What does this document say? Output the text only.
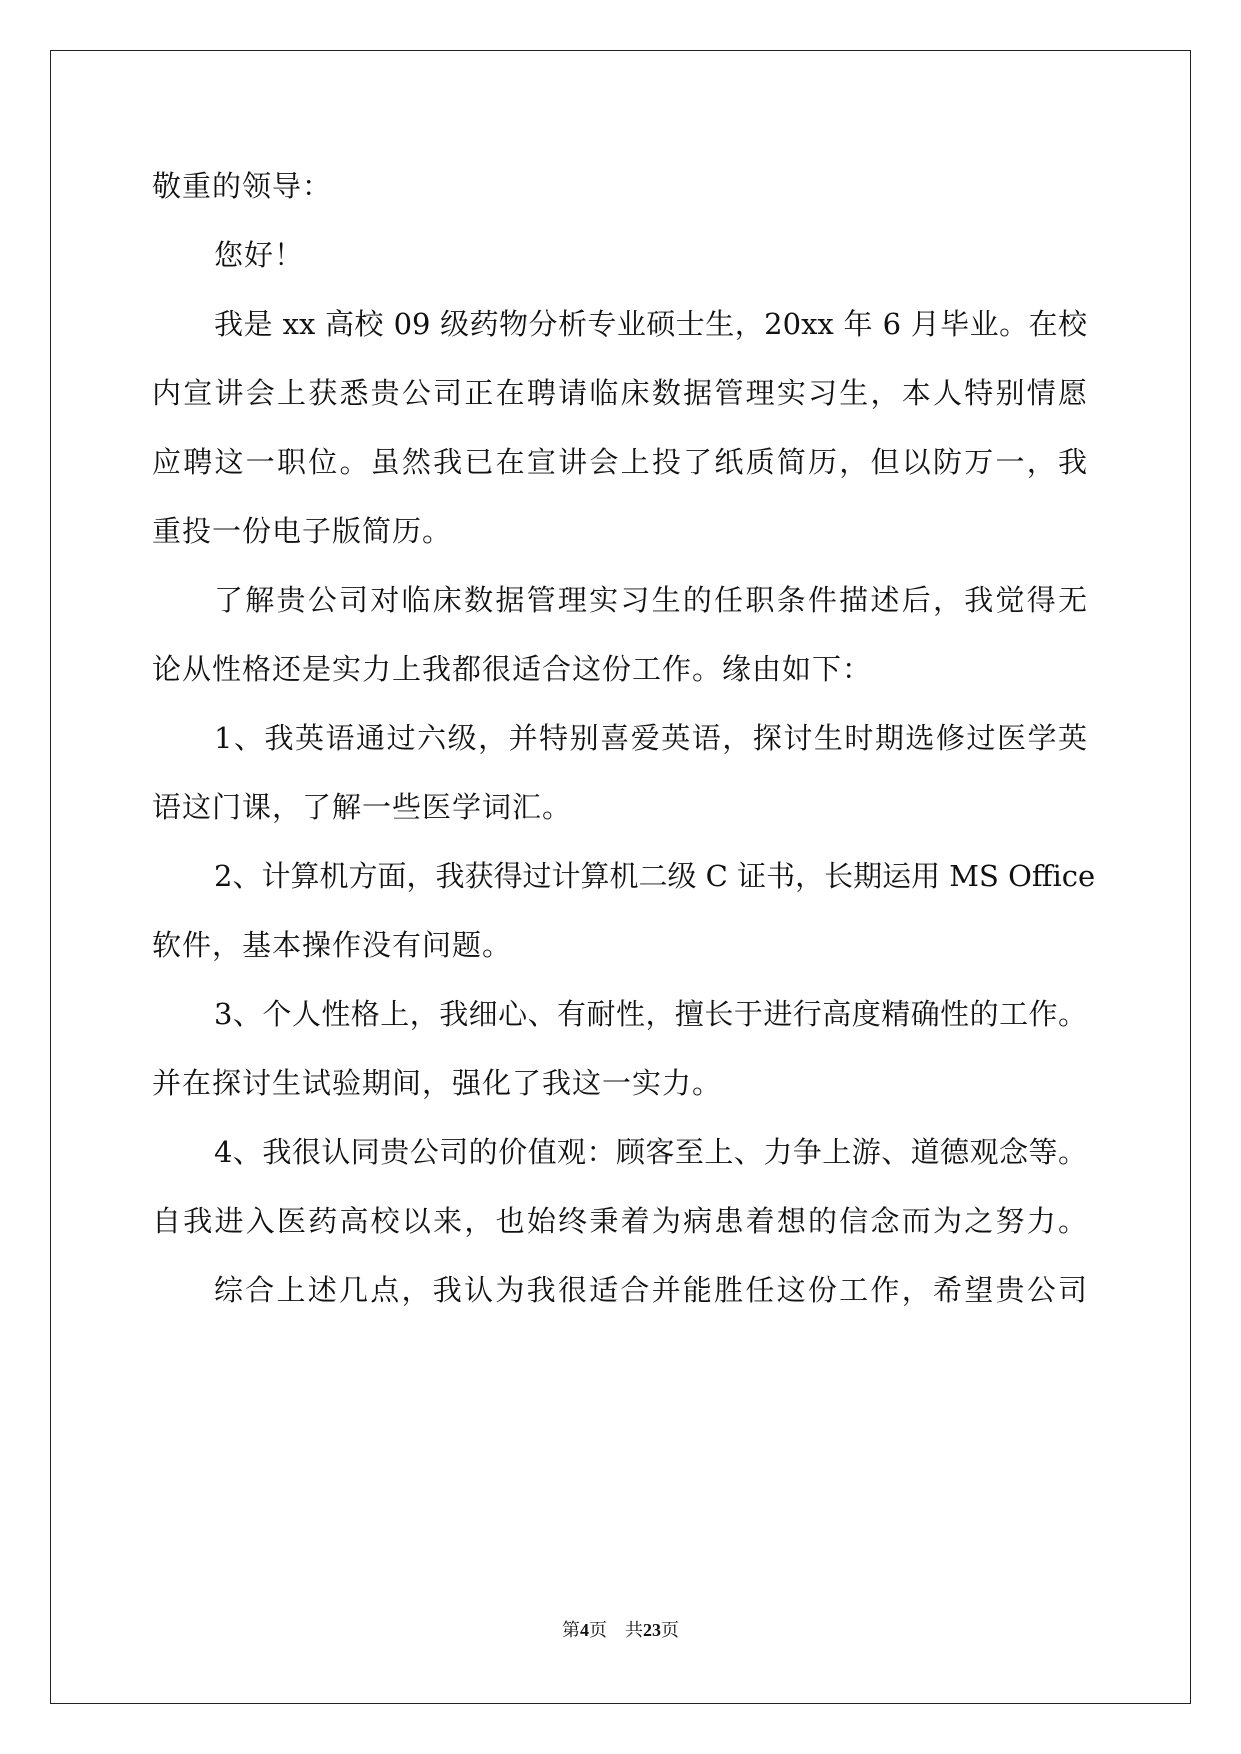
敬重的领导：
您好！
我是 xx 高校 09 级药物分析专业硕士生，20xx 年 6 月毕业。在校
内宣讲会上获悉贵公司正在聘请临床数据管理实习生，本人特别情愿
应聘这一职位。虽然我已在宣讲会上投了纸质简历，但以防万一，我
重投一份电子版简历。
了解贵公司对临床数据管理实习生的任职条件描述后，我觉得无
论从性格还是实力上我都很适合这份工作。缘由如下：
1、我英语通过六级，并特别喜爱英语，探讨生时期选修过医学英
语这门课，了解一些医学词汇。
2、计算机方面，我获得过计算机二级 C 证书，长期运用 MS Office
软件，基本操作没有问题。
3、个人性格上，我细心、有耐性，擅长于进行高度精确性的工作。
并在探讨生试验期间，强化了我这一实力。
4、我很认同贵公司的价值观：顾客至上、力争上游、道德观念等。
自我进入医药高校以来，也始终秉着为病患着想的信念而为之努力。
综合上述几点，我认为我很适合并能胜任这份工作，希望贵公司
第4页　共23页
